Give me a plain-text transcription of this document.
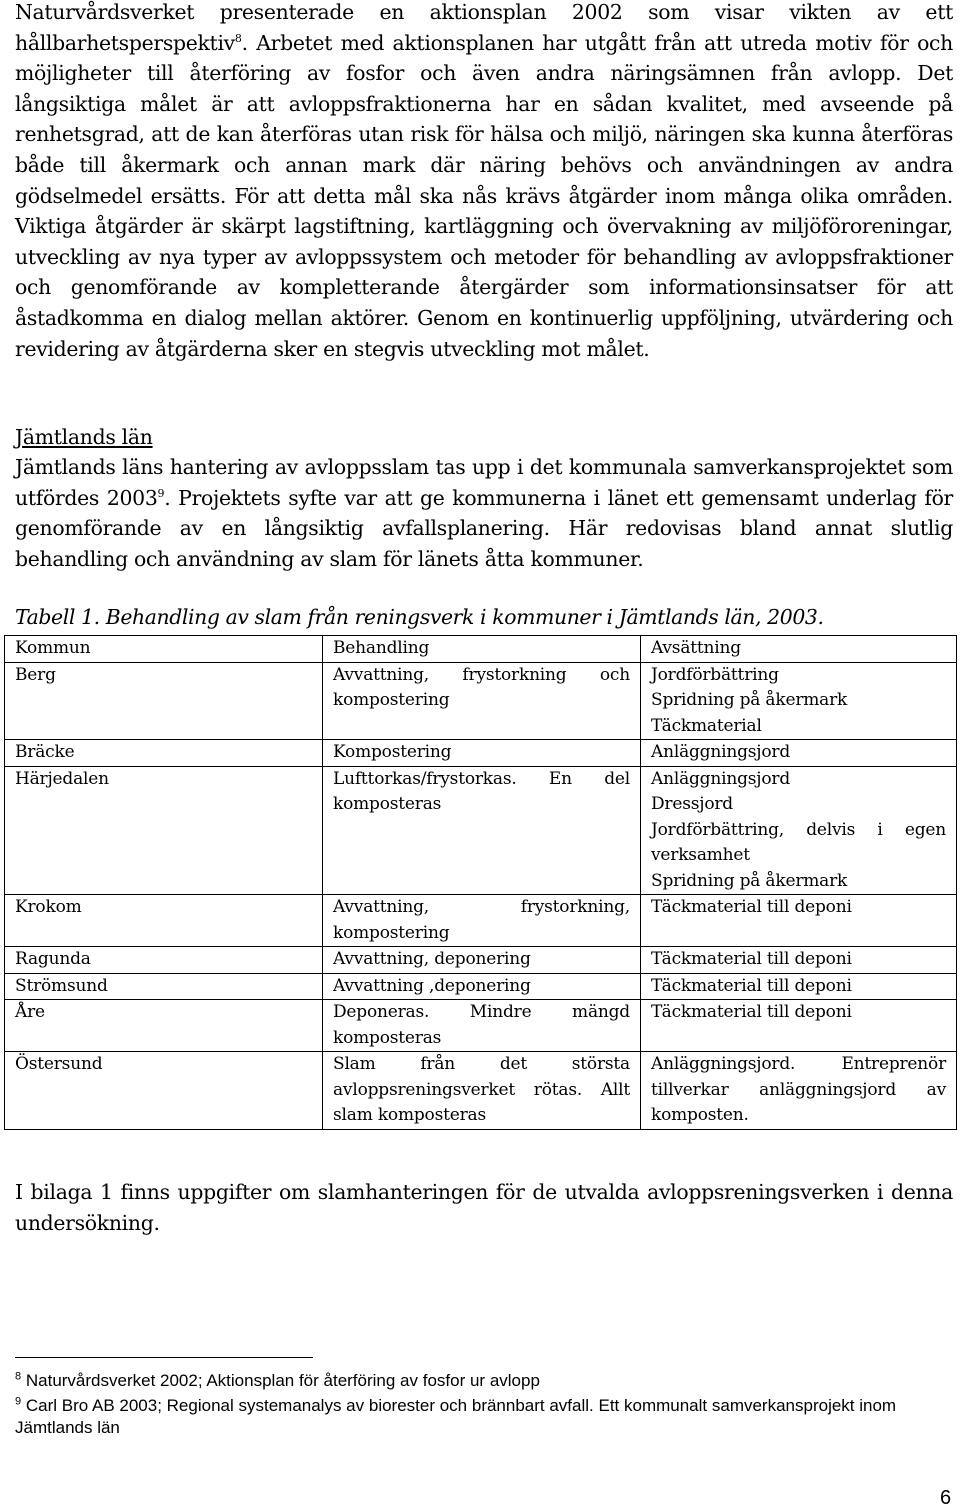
Naturvårdsverket presenterade en aktionsplan 2002 som visar vikten av ett hållbarhetsperspektiv$^8$. Arbetet med aktionsplanen har utgått från att utreda motiv för och möjligheter till återföring av fosfor och även andra näringsämnen från avlopp. Det långsiktiga målet är att avloppsfraktionerna har en sådan kvalitet, med avseende på renhetsgrad, att de kan återföras utan risk för hälsa och miljö, näringen ska kunna återföras både till åkermark och annan mark där näring behövs och användningen av andra gödselmedel ersätts. För att detta mål ska nås krävs åtgärder inom många olika områden. Viktiga åtgärder är skärpt lagstiftning, kartläggning och övervakning av miljöföroreningar, utveckling av nya typer av avloppssystem och metoder för behandling av avloppsfraktioner och genomförande av kompletterande återgärder som informationsinsatser för att åstadkomma en dialog mellan aktörer. Genom en kontinuerlig uppföljning, utvärdering och revidering av åtgärderna sker en stegvis utveckling mot målet.

Jämtlands län

Jämtlands läns hantering av avloppsslam tas upp i det kommunala samverkansprojektet som utfördes 2003$^9$. Projektets syfte var att ge kommunerna i länet ett gemensamt underlag för genomförande av en långsiktig avfallsplanering. Här redovisas bland annat slutlig behandling och användning av slam för länets åtta kommuner.

Tabell 1. Behandling av slam från reningsverk i kommuner i Jämtlands län, 2003.

Kommun	Behandling	Avsättning
Berg	Avvattning, frystorkning och kompostering	Jordförbättring
Spridning på åkermark
Täckmaterial

Bräcke	Kompostering	Anläggningsjord

Härjedalen	Lufttorkas/frystorkas. En del komposteras	Anläggningsjord
Dressjord
Jordförbättring, delvis i egen verksamhet
Spridning på åkermark

Krokom	Avvattning, frystorkning, kompostering	Täckmaterial till deponi

Ragunda	Avvattning, deponering	Täckmaterial till deponi

Strömsund	Avvattning ,deponering	Täckmaterial till deponi

Åre	Deponeras. Mindre mängd komposteras	Täckmaterial till deponi

Östersund	Slam från det största avloppsreningsverket rötas. Allt slam komposteras	Anläggningsjord. Entreprenör tillverkar anläggningsjord av komposten.

I bilaga 1 finns uppgifter om slamhanteringen för de utvalda avloppsreningsverken i denna undersökning.

$^8$ Naturvårdsverket 2002; Aktionsplan för återföring av fosfor ur avlopp

$^9$ Carl Bro AB 2003; Regional systemanalys av biorester och brännbart avfall. Ett kommunalt samverkansprojekt inom Jämtlands län

6
